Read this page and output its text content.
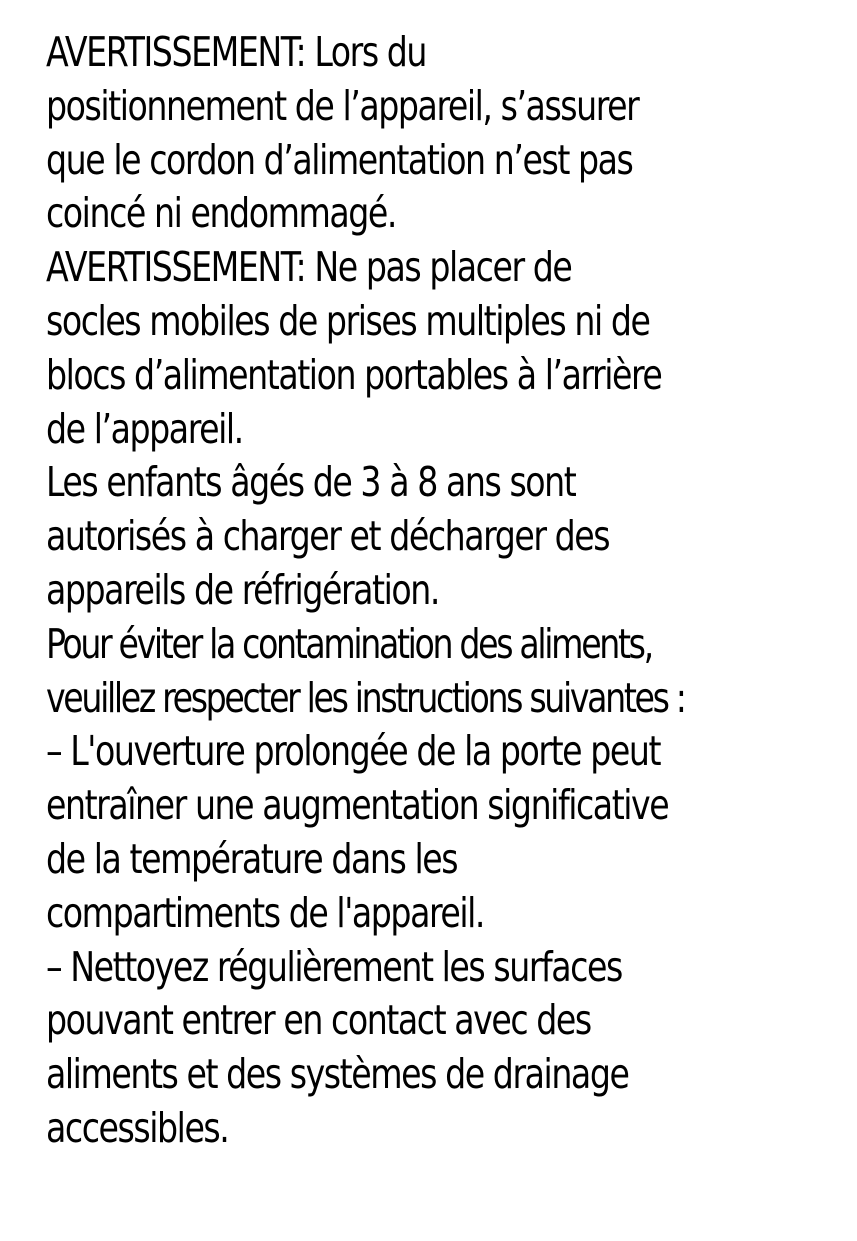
AVERTISSEMENT: Lors du
positionnement de l’appareil, s’assurer
que le cordon d’alimentation n’est pas
coincé ni endommagé.
AVERTISSEMENT: Ne pas placer de
socles mobiles de prises multiples ni de
blocs d’alimentation portables à l’arrière
de l’appareil.
Les enfants âgés de 3 à 8 ans sont
autorisés à charger et décharger des
appareils de réfrigération.
Pour éviter la contamination des aliments,
veuillez respecter les instructions suivantes :
– L'ouverture prolongée de la porte peut
entraîner une augmentation significative
de la température dans les
compartiments de l'appareil.
– Nettoyez régulièrement les surfaces
pouvant entrer en contact avec des
aliments et des systèmes de drainage
accessibles.
